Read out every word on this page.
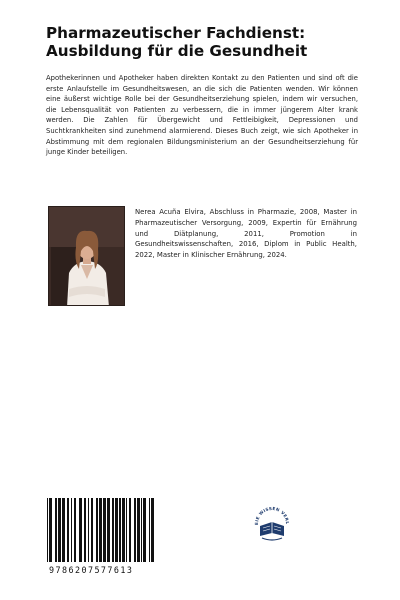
Pharmazeutischer Fachdienst: Ausbildung für die Gesundheit
Apothekerinnen und Apotheker haben direkten Kontakt zu den Patienten und sind oft die erste Anlaufstelle im Gesundheitswesen, an die sich die Patienten wenden. Wir können eine äußerst wichtige Rolle bei der Gesundheitserziehung spielen, indem wir versuchen, die Lebensqualität von Patienten zu verbessern, die in immer jüngerem Alter krank werden. Die Zahlen für Übergewicht und Fettleibigkeit, Depressionen und Suchtkrankheiten sind zunehmend alarmierend. Dieses Buch zeigt, wie sich Apotheker in Abstimmung mit dem regionalen Bildungsministerium an der Gesundheitserziehung für junge Kinder beteiligen.
Nerea Acuña Elvira, Abschluss in Pharmazie, 2008, Master in Pharmazeutischer Versorgung, 2009, Expertin für Ernährung und Diätplanung, 2011, Promotion in Gesundheitswissenschaften, 2016, Diplom in Public Health, 2022, Master in Klinischer Ernährung, 2024.
9786207577613
EIE WISSEN VERL
